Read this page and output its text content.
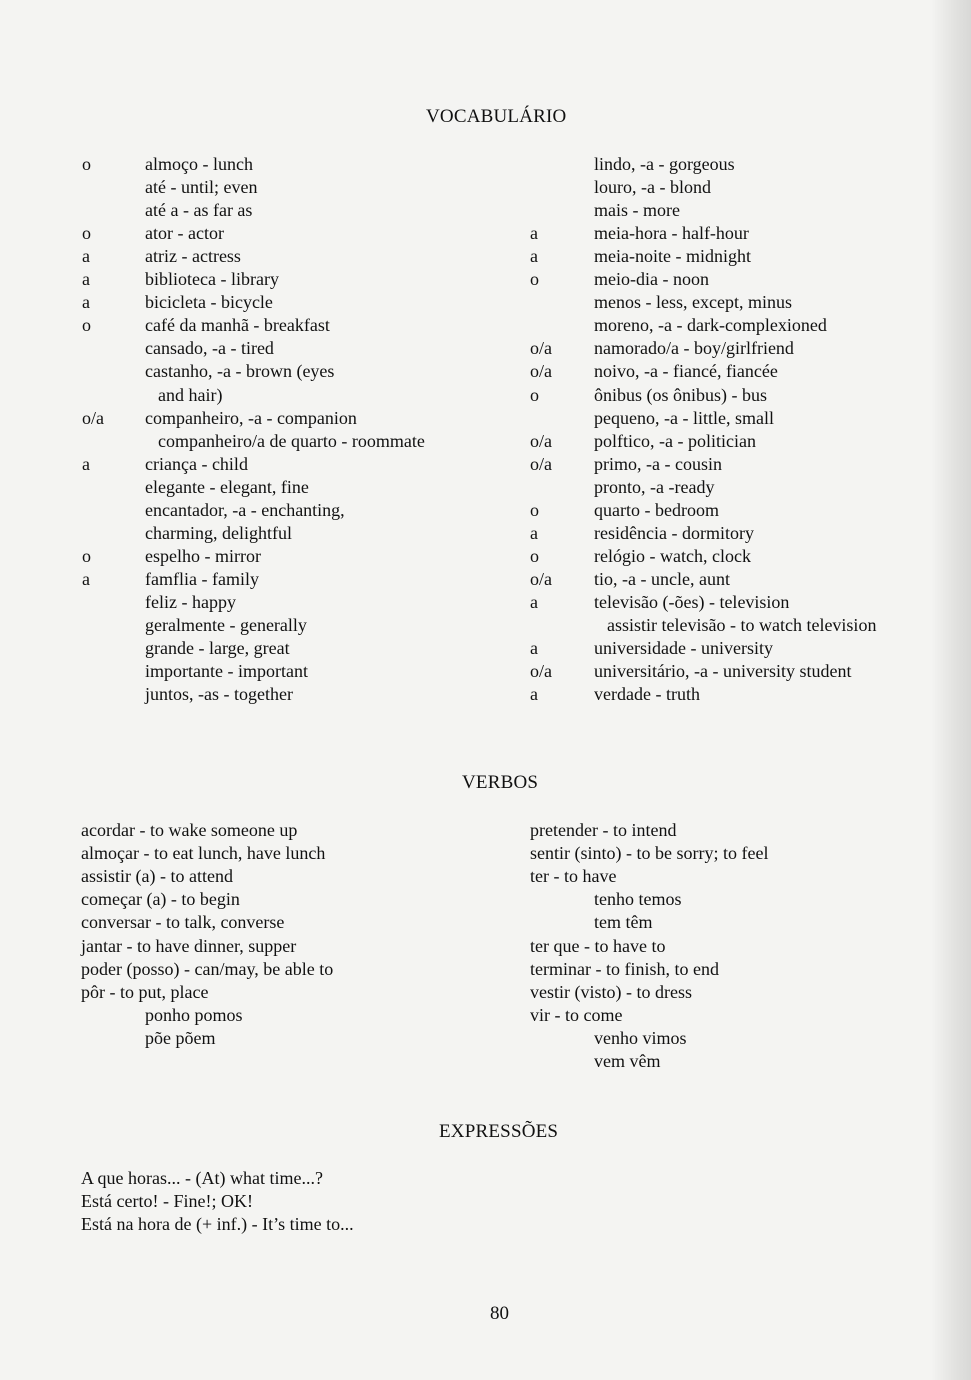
VOCABULÁRIO
o	almoço - lunch
até - until; even
até a - as far as
o	ator - actor
a	atriz - actress
a	biblioteca - library
a	bicicleta - bicycle
o	café da manhã - breakfast
cansado, -a - tired
castanho, -a - brown (eyes
and hair)
o/a companheiro, -a - companion
companheiro/a de quarto - roommate
a	criança - child
elegante - elegant, fine
encantador, -a - enchanting,
charming, delightful
o	espelho - mirror
a	famflia - family
feliz - happy
geralmente - generally
grande - large, great
importante - important
juntos, -as - together
lindo, -a - gorgeous
louro, -a - blond
mais - more
a	meia-hora - half-hour
a	meia-noite - midnight
o	meio-dia - noon
menos - less, except, minus
moreno, -a - dark-complexioned
o/a namorado/a - boy/girlfriend
o/a noivo, -a - fiancé, fiancée
o	ônibus (os ônibus) - bus
pequeno, -a - little, small
o/a polftico, -a - politician
o/a primo, -a - cousin
pronto, -a -ready
o	quarto - bedroom
a	residência - dormitory
o	relógio - watch, clock
o/a tio, -a - uncle, aunt
a	televisão (-ões) - television
assistir televisão - to watch television
a	universidade - university
o/a universitário, -a - university student
a	verdade - truth
VERBOS
acordar - to wake someone up
almoçar - to eat lunch, have lunch
assistir (a) - to attend
começar (a) - to begin
conversar - to talk, converse
jantar - to have dinner, supper
poder (posso) - can/may, be able to
pôr - to put, place
ponho pomos
põe põem
pretender - to intend
sentir (sinto) - to be sorry; to feel
ter - to have
tenho temos
tem têm
ter que - to have to
terminar - to finish, to end
vestir (visto) - to dress
vir - to come
venho vimos
vem vêm
EXPRESSÕES
A que horas... - (At) what time...?
Está certo! - Fine!; OK!
Está na hora de (+ inf.) - It’s time to...
80
